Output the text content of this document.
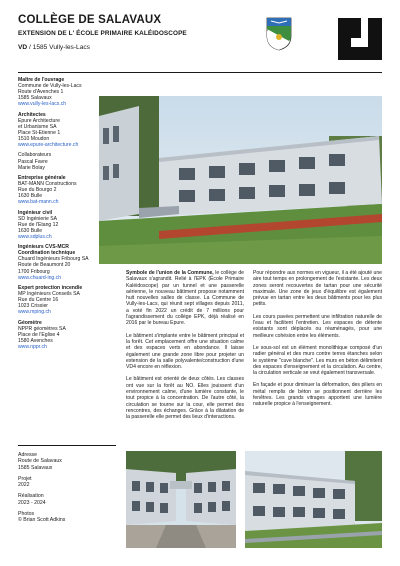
COLLÈGE DE SALAVAUX
EXTENSION DE L' ÉCOLE PRIMAIRE KALÉIDOSCOPE
VD / 1585 Vully-les-Lacs

Maître de l'ouvrage

Commune de Vully-les-Lacs

Route d'Avenches 1

1585 Salavaux

www.vully-les-lacs.ch

Architectes

Epure Architecture

et Urbanisme SA

Place St-Etienne 1

1510 Moudon

www.epure-architecture.ch

Collaborateurs

Pascal Favre

Marie Bolay

Entreprise générale

BAT-MANN Constructions

Rue du Bourgo 2

1630 Bulle

www.bat-mann.ch

Ingénieur civil

SD Ingénierie SA

Rue de l'Etang 12

1630 Bulle

www.sdplus.ch

Ingénieurs CVS-MCR

Coordination technique

Chuard Ingénieurs Fribourg SA

Route de Beaumont 20

1700 Fribourg

www.chuard-ing.ch

Expert protection incendie

MP Ingénieurs Conseils SA

Rue du Centre 16

1023 Crissier

www.mping.ch

Géomètre

NPPR géomètres SA

Place de l'Eglise 4

1580 Avenches

www.nppr.ch

Adresse

Route de Salavaux

1585 Salavaux

Projet

2022

Réalisation

2023 - 2024

Photos

© Brian Scott Adkins

Symbole de l'union de la Commune, le collège de Salavaux s'agrandit. Relié à l'EPK (École Primaire Kaléidoscope) par un tunnel et une passerelle aérienne, le nouveau bâtiment propose notamment huit nouvelles salles de classe. La Commune de Vully-les-Lacs, qui réunit sept villages depuis 2011, a voté fin 2022 un crédit de 7 millions pour l'agrandissement du collège EPK, déjà réalisé en 2016 par le bureau Epure.

Le bâtiment s'implante entre le bâtiment principal et la forêt. Cet emplacement offre une situation calme et des espaces verts en abondance. Il laisse également une grande zone libre pour projeter un extension de la salle polyvalente/construction d'une VD4 encore en réflexion.

Le bâtiment est orienté de deux côtés. Les classes ont vue sur la forêt au NO. Elles jouissent d'un environnement calme, d'une lumière constante, le tout propice à la concentration. De l'autre côté, la circulation se tourne sur la cour, elle permet des rencontres, des échanges. Grâce à la dilatation de la passerelle elle permet des lieux d'interactions.

Pour répondre aux normes en vigueur, il a été ajouté une aire tout temps en prolongement de l'existante. Les deux zones seront recouvertes de tartan pour une sécurité maximale. Une zone de jeux d'équilibre est également prévue en tartan entre les deux bâtiments pour les plus petits.

Les cours pavées permettent une infiltration naturelle de l'eau et facilitent l'entretien. Les espaces de détente existants sont déplacés ou réaménagés, pour une meilleure cohésion entre les éléments.

Le sous-sol est un élément monolithique composé d'un radier général et des murs contre terres étanches selon le système "cuve blanche". Les murs en béton délimitent des espaces d'enseignement et la circulation. Au centre, la circulation verticale se veut également transversale.

En façade et pour diminuer la déformation, des piliers en métal remplis de béton se positionnent derrière les fenêtres. Les grands vitrages apportent une lumière naturelle propice à l'enseignement.
